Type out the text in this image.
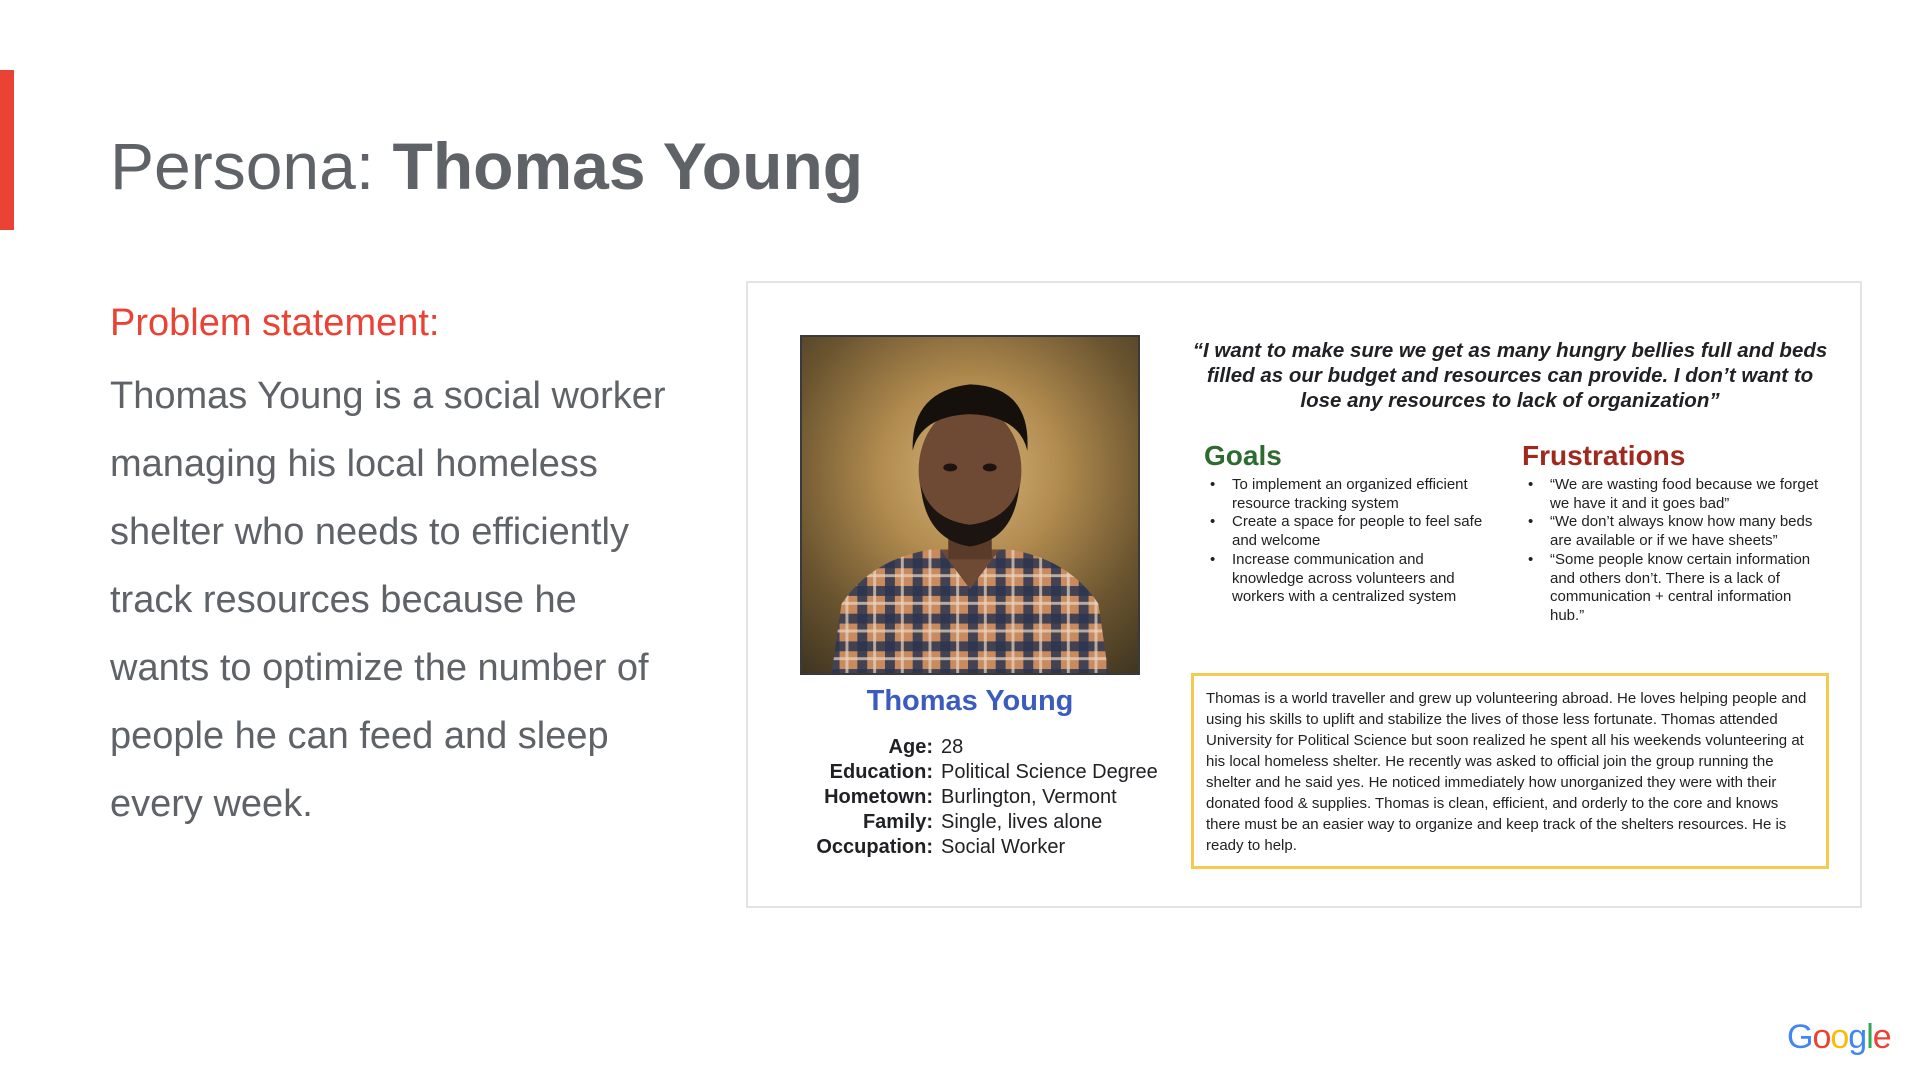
Persona: Thomas Young
Problem statement:
Thomas Young is a social worker managing his local homeless shelter who needs to efficiently track resources because he wants to optimize the number of people he can feed and sleep every week.
Thomas Young
Age: 28
Education: Political Science Degree
Hometown: Burlington, Vermont
Family: Single, lives alone
Occupation: Social Worker
“I want to make sure we get as many hungry bellies full and beds filled as our budget and resources can provide. I don’t want to lose any resources to lack of organization”
Goals
• To implement an organized efficient resource tracking system
• Create a space for people to feel safe and welcome
• Increase communication and knowledge across volunteers and workers with a centralized system
Frustrations
• “We are wasting food because we forget we have it and it goes bad”
• “We don’t always know how many beds are available or if we have sheets”
• “Some people know certain information and others don’t. There is a lack of communication + central information hub.”
Thomas is a world traveller and grew up volunteering abroad. He loves helping people and using his skills to uplift and stabilize the lives of those less fortunate. Thomas attended University for Political Science but soon realized he spent all his weekends volunteering at his local homeless shelter. He recently was asked to official join the group running the shelter and he said yes. He noticed immediately how unorganized they were with their donated food & supplies. Thomas is clean, efficient, and orderly to the core and knows there must be an easier way to organize and keep track of the shelters resources. He is ready to help.
Google
